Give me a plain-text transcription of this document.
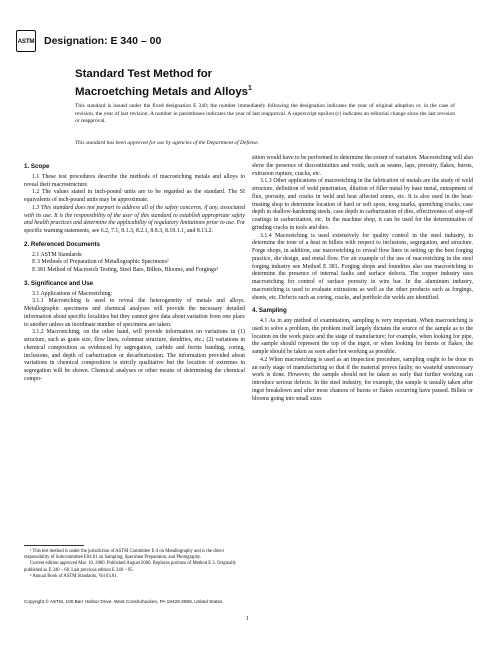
ASTM Designation: E 340 – 00
Standard Test Method for
Macroetching Metals and Alloys$^1$
This standard is issued under the fixed designation E 340; the number immediately following the designation indicates the year of original adoption or, in the case of revision, the year of last revision. A number in parentheses indicates the year of last reapproval. A superscript epsilon (ε) indicates an editorial change since the last revision or reapproval.
This standard has been approved for use by agencies of the Department of Defense.

1. Scope

1.1 These test procedures describe the methods of macroetching metals and alloys to reveal their macrostructure.

1.2 The values stated in inch-pound units are to be regarded as the standard. The SI equivalents of inch-pound units may be approximate.

1.3 This standard does not purport to address all of the safety concerns, if any, associated with its use. It is the responsibility of the user of this standard to establish appropriate safety and health practices and determine the applicability of regulatory limitations prior to use. For specific warning statements, see 6.2, 7.1, 8.1.3, 8.2.1, 8.8.3, 8.10.1.1, and 8.13.2.

2. Referenced Documents

2.1 ASTM Standards:

E 3 Methods of Preparation of Metallographic Specimens²

E 381 Method of Macroetch Testing, Steel Bars, Billets, Blooms, and Forgings²

3. Significance and Use

3.1 Applications of Macroetching:

3.1.1 Macroetching is used to reveal the heterogeneity of metals and alloys. Metallographic specimens and chemical analyses will provide the necessary detailed information about specific localities but they cannot give data about variation from one place to another unless an inordinate number of specimens are taken.

3.1.2 Macroetching, on the other hand, will provide information on variations in (1) structure, such as grain size, flow lines, columnar structure, dendrites, etc.; (2) variations in chemical composition as evidenced by segregation, carbide and ferrite banding, coring, inclusions, and depth of carburization or decarburization. The information provided about variations in chemical composition is strictly qualitative but the location of extremes in segregation will be shown. Chemical analyses or other means of determining the chemical compo-

¹ This test method is under the jurisdiction of ASTM Committee E-4 on Metallography and is the direct responsibility of Subcommittee E04.01 on Sampling, Specimen Preparation, and Photography.

Current edition approved Mar. 10, 2000. Published August 2000. Replaces portions of Method E 3. Originally published as E 340 – 68. Last previous edition E 340 – 95.

² Annual Book of ASTM Standards, Vol 03.01.

sition would have to be performed to determine the extent of variation. Macroetching will also show the presence of discontinuities and voids, such as seams, laps, porosity, flakes, bursts, extrusion rupture, cracks, etc.

3.1.3 Other applications of macroetching in the fabrication of metals are the study of weld structure, definition of weld penetration, dilution of filler metal by base metal, entrapment of flux, porosity, and cracks in weld and heat affected zones, etc. It is also used in the heat-treating shop to determine location of hard or soft spots, tong marks, quenching cracks, case depth in shallow-hardening steels, case depth in carburization of dies, effectiveness of stop-off coatings in carburization, etc. In the machine shop, it can be used for the determination of grinding cracks in tools and dies.

3.1.4 Macroetching is used extensively for quality control in the steel industry, to determine the tone of a heat in billets with respect to inclusions, segregation, and structure. Forge shops, in addition, use macroetching to reveal flow lines in setting up the best forging practice, die design, and metal flow. For an example of the use of macroetching in the steel forging industry see Method E 381. Forging shops and foundries also use macroetching to determine the presence of internal faults and surface defects. The copper industry uses macroetching for control of surface porosity in wire bar. In the aluminum industry, macroetching is used to evaluate extrusions as well as the other products such as forgings, sheets, etc. Defects such as coring, cracks, and porthole die welds are identified.

4. Sampling

4.1 As in any method of examination, sampling is very important. When macroetching is used to solve a problem, the problem itself largely dictates the source of the sample as to the location on the work piece and the stage of manufacture; for example, when looking for pipe, the sample should represent the top of the ingot, or when looking for bursts or flakes, the sample should be taken as soon after hot working as possible.

4.2 When macroetching is used as an inspection procedure, sampling ought to be done in an early stage of manufacturing so that if the material proves faulty, no wasteful unnecessary work is done. However, the sample should not be taken so early that further working can introduce serious defects. In the steel industry, for example, the sample is usually taken after ingot breakdown and after most chances of bursts or flakes occurring have passed. Billets or blooms going into small sizes

Copyright © ASTM, 100 Barr Harbor Drive, West Conshohocken, PA 19428-2959, United States.
1
